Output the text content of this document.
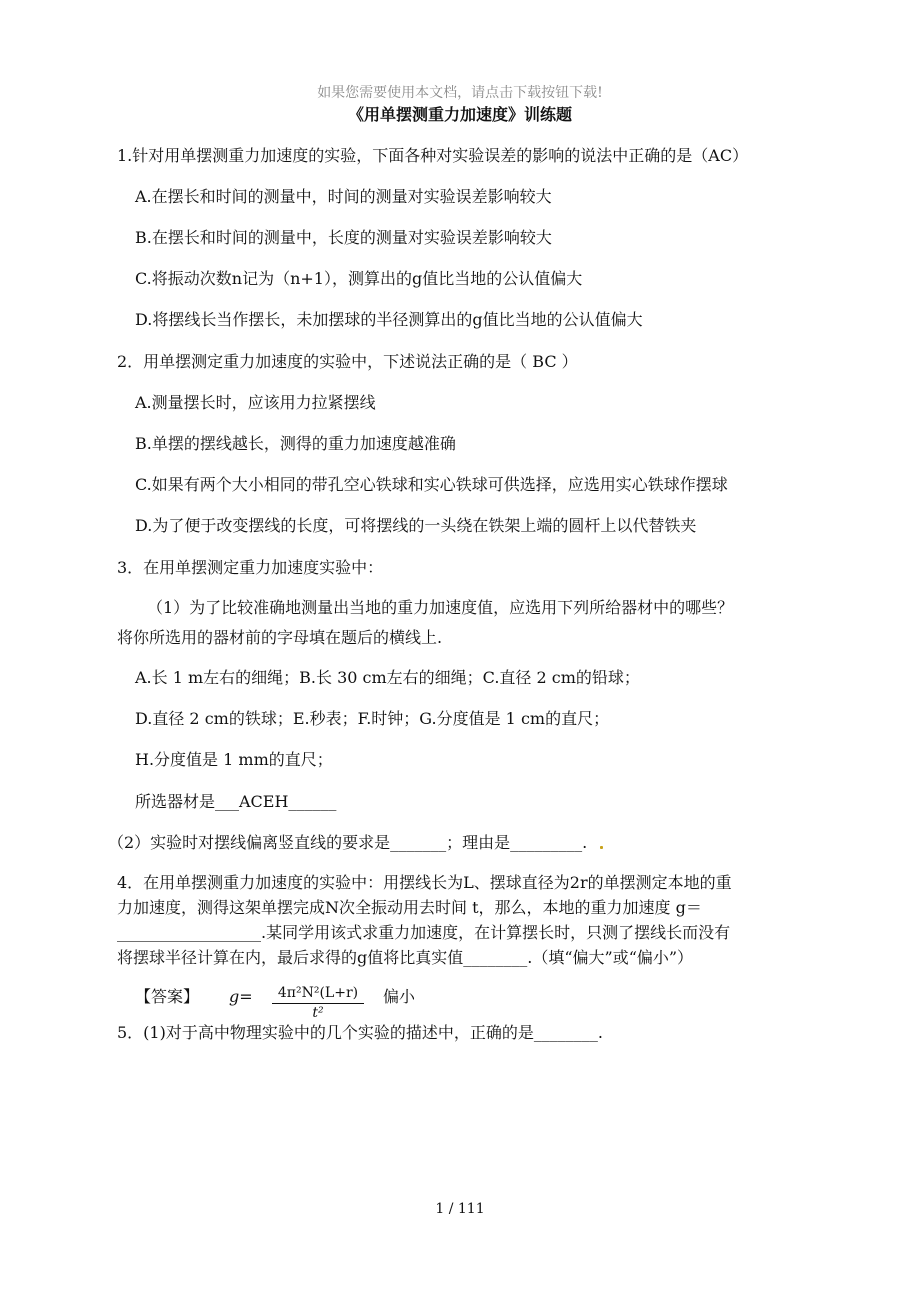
如果您需要使用本文档，请点击下载按钮下载!
《用单摆测重力加速度》训练题
1.针对用单摆测重力加速度的实验，下面各种对实验误差的影响的说法中正确的是（AC）
A.在摆长和时间的测量中，时间的测量对实验误差影响较大
B.在摆长和时间的测量中，长度的测量对实验误差影响较大
C.将振动次数n记为（n+1），测算出的g值比当地的公认值偏大
D.将摆线长当作摆长，未加摆球的半径测算出的g值比当地的公认值偏大
2．用单摆测定重力加速度的实验中，下述说法正确的是（ BC ）
A.测量摆长时，应该用力拉紧摆线
B.单摆的摆线越长，测得的重力加速度越准确
C.如果有两个大小相同的带孔空心铁球和实心铁球可供选择，应选用实心铁球作摆球
D.为了便于改变摆线的长度，可将摆线的一头绕在铁架上端的圆杆上以代替铁夹
3．在用单摆测定重力加速度实验中：
（1）为了比较准确地测量出当地的重力加速度值，应选用下列所给器材中的哪些？
将你所选用的器材前的字母填在题后的横线上.
A.长 1 m左右的细绳；B.长 30 cm左右的细绳；C.直径 2 cm的铅球；
D.直径 2 cm的铁球；E.秒表；F.时钟；G.分度值是 1 cm的直尺；
H.分度值是 1 mm的直尺；
所选器材是___ACEH______
（2）实验时对摆线偏离竖直线的要求是_______；理由是_________.
4．在用单摆测重力加速度的实验中：用摆线长为L、摆球直径为2r的单摆测定本地的重
力加速度，测得这架单摆完成N次全振动用去时间 t，那么，本地的重力加速度 g＝
__________________.某同学用该式求重力加速度，在计算摆长时，只测了摆线长而没有
将摆球半径计算在内，最后求得的g值将比真实值________.（填“偏大”或“偏小”）
【答案】 $g= \frac{\text{4π²N²(L+r)}}{\text{t²}}$ 偏小
5．(1)对于高中物理实验中的几个实验的描述中，正确的是________.
1 / 111
